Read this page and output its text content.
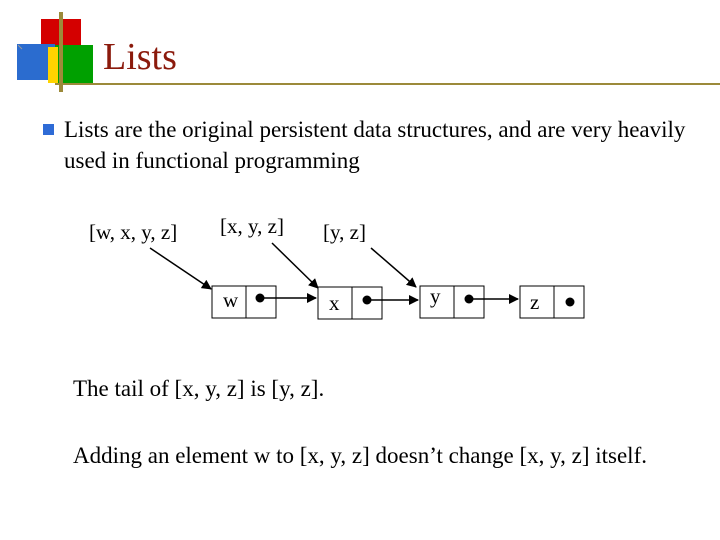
Lists
Lists are the original persistent data structures, and are very heavily used in functional programming
[w, x, y, z] [x, y, z] [y, z]
w	x	y	z
The tail of [x, y, z] is [y, z].
Adding an element w to [x, y, z] doesn’t change [x, y, z] itself.
